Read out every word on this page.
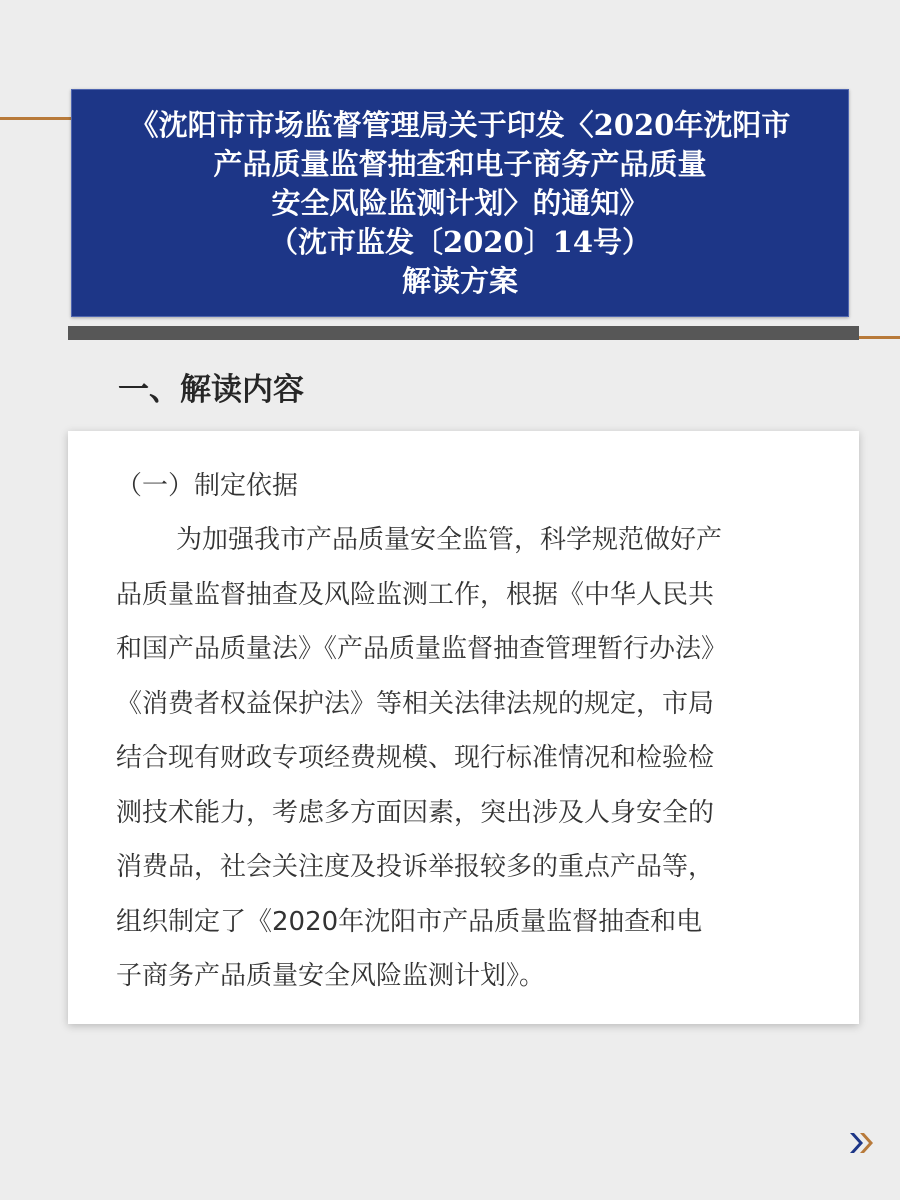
《沈阳市市场监督管理局关于印发〈2020年沈阳市
产品质量监督抽查和电子商务产品质量
安全风险监测计划〉的通知》
（沈市监发〔2020〕14号）
解读方案
一、解读内容
（一）制定依据
为加强我市产品质量安全监管，科学规范做好产
品质量监督抽查及风险监测工作，根据《中华人民共
和国产品质量法》《产品质量监督抽查管理暂行办法》
《消费者权益保护法》等相关法律法规的规定，市局
结合现有财政专项经费规模、现行标准情况和检验检
测技术能力，考虑多方面因素，突出涉及人身安全的
消费品，社会关注度及投诉举报较多的重点产品等，
组织制定了《2020年沈阳市产品质量监督抽查和电
子商务产品质量安全风险监测计划》。
